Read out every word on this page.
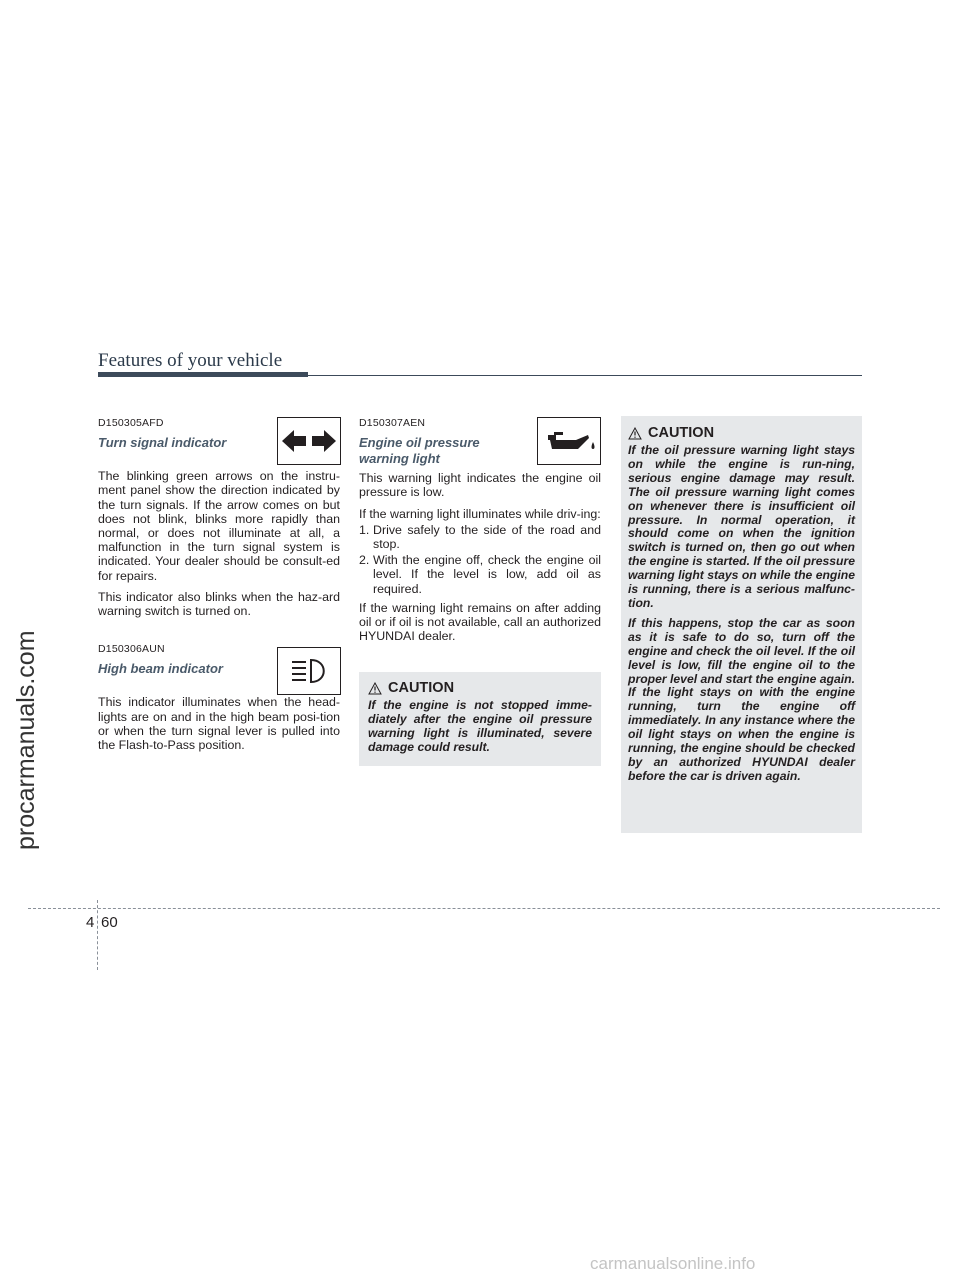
Features of your vehicle
D150305AFD
Turn signal indicator

The blinking green arrows on the instru-ment panel show the direction indicated by the turn signals. If the arrow comes on but does not blink, blinks more rapidly than normal, or does not illuminate at all, a malfunction in the turn signal system is indicated. Your dealer should be consult-ed for repairs.

This indicator also blinks when the haz-ard warning switch is turned on.

D150306AUN
High beam indicator

This indicator illuminates when the head-lights are on and in the high beam posi-tion or when the turn signal lever is pulled into the Flash-to-Pass position.

D150307AEN
Engine oil pressure
warning light

This warning light indicates the engine oil pressure is low.

If the warning light illuminates while driv-ing:

1. Drive safely to the side of the road and stop.
2. With the engine off, check the engine oil level. If the level is low, add oil as required.

If the warning light remains on after adding oil or if oil is not available, call an authorized HYUNDAI dealer.

CAUTION

If the engine is not stopped imme-diately after the engine oil pressure warning light is illuminated, severe damage could result.

CAUTION

If the oil pressure warning light stays on while the engine is run-ning, serious engine damage may result. The oil pressure warning light comes on whenever there is insufficient oil pressure. In normal operation, it should come on when the ignition switch is turned on, then go out when the engine is started. If the oil pressure warning light stays on while the engine is running, there is a serious malfunc-tion.

If this happens, stop the car as soon as it is safe to do so, turn off the engine and check the oil level. If the oil level is low, fill the engine oil to the proper level and start the engine again. If the light stays on with the engine running, turn the engine off immediately. In any instance where the oil light stays on when the engine is running, the engine should be checked by an authorized HYUNDAI dealer before the car is driven again.

4 60
procarmanuals.com
carmanualsonline.info
